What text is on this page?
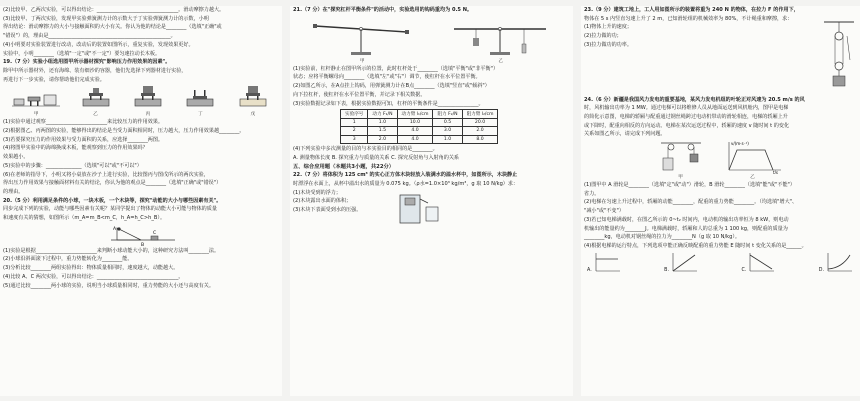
(2)比较甲、乙两次实验，可以得出结论：________________________________。滑动摩擦力越大。
(3)比较甲、丁两次实验，发现甲实验弹簧测力计的示数大于丁实验弹簧测力计的示数，小明
得出结论：滑动摩擦力的大小与接触面积的大小有关。你认为他的结论是________（选填"正确"或
"错误"）的，理由是________________________________________________。
(4)小明要对实验装置进行改动，改动后的装置如图所示，重复实验，发现效果更好。
实验中，小明________（选填"一定"或"不一定"）要匀速拉动长木板。
19.（7 分）实验小组选用图甲所示器材探究"影响压力作用效果的因素"。
除甲中所示器材外，还有海绵、装有细沙的容器，他们先选择下列器材进行实验，
再进行下一步实验，请你帮助他们完成实验。
甲	乙	丙	丁	戊
(1)实验中通过观察________________________来比较压力的作用效果。
(2)根据图乙、丙两图的实验，能够得出的结论是当受力面积相同时，压力越大，压力作用效果越________。
(3)若要探究压力的作用效果与受力面积的关系，应选择________两图。
(4)将图甲实验中的海绵换成木板，能观察到压力的作用效果吗？
效果越小。
(5)实验中的步骤：______________（选填"可以"或"不可以"）
(6)在老师的指导下，小明又将小桌放在沙子上进行实验，比较图丙与图戊所示的两次实验，
得出压力作用效果与接触面材料有关的结论，你认为他的观点是________（选填"正确"或"错误"）
的理由。
20.（5 分）利用满足条件的小球，一块木板，一个木块等，探究"动能的大小与哪些因素有关"。
同步完成下列的实验，动能与哪些因素有关呢？某同学提出了物体的动能大小可能与物体的质量
和速度有关的猜想，如图所示（m_A=m_B<m_C，h_A=h_C>h_B）。
A
B
C
(1)实验是根据________________________来判断小球动能大小的，这种研究方法叫________法。
(2)小球沿斜面滚下过程中，重力势能转化为________能。
(3)分析比较________两组实验得出：物体质量相同时，速度越大，动能越大。
(4)比较 A、C 两次实验，可以得出结论：________________________________。
(5)通过比较________两小球的实验，说明当小球质量相同时，重力势能的大小还与高度有关。
21.（7 分）在"探究杠杆平衡条件"的活动中，实验选用的钩码重均为 0.5 N。
甲	乙
(1)实验前，杠杆静止在图甲所示的位置，此时杠杆处于________（选填"平衡"或"非平衡"）
状态；应将平衡螺母向________（选填"左"或"右"）调节，使杠杆在水平位置平衡。
(2)如图乙所示，在A点挂上钩码，用弹簧测力计在B点________（选填"竖直"或"倾斜"）
向下拉杠杆，使杠杆在水平位置平衡，并记录下相关数据。
(3)实验数据记录如下表，根据实验数据可知，杠杆的平衡条件是________________。
实验序号	动力 F₁/N	动力臂 l₁/cm	阻力 F₂/N	阻力臂 l₂/cm
1	1.0	10.0	0.5	20.0
2	1.5	4.0	3.0	2.0
3	2.0	4.0	1.0	8.0
(4)下列实验中多次测量的目的与本实验目的相同的是________。
A. 测量物体长度 B. 探究重力与质量的关系 C. 探究反射角与入射角的关系
五、综合应用题（本题共3小题，共22分）
22.（7 分）将体积为 125 cm³ 的实心正方体木块轻放入装满水的溢水杯中，如图所示，木块静止
时漂浮在水面上，从杯中溢出水的质量为 0.075 kg。（ρ水=1.0×10³ kg/m³，g 取 10 N/kg）求：
(1)木块受到的浮力；
(2)木块露出水面的体积；
(3)木块下表面受到水的压强。
23.（9 分）建筑工地上，工人用如图所示的装置将重为 240 N 的物体，在拉力 F 的作用下，
物体在 5 s 内竖直匀速上升了 2 m，已知滑轮组的机械效率为 80%，不计绳重和摩擦，求：
(1)物体上升的速度；
(2)拉力做的功；
(3)拉力做功的功率。
24.（6 分）新疆是我国风力发电的重要基地，某风力发电机组的叶轮正对风速为 20.5 m/s 的风
时，风机输出功率为 1 MW。通过电梯可以将维修人员从地面运送到风机舱内，图甲是电梯
的简化示意图，电梯的轿厢与配重通过钢丝绳跨过电动机带动的滑轮相连，电梯的轿厢上升
或下降时，配重向相反的方向运动。电梯在某次运送过程中，轿厢的速度 v 随时间 t 的变化
关系如图乙所示，请完成下列问题。
甲
v/(m·s⁻¹)
t/s
乙
(1)图甲中 A 滑轮是________（选填"定"或"动"）滑轮，B 滑轮________（选填"能"或"不能"）
省力。
(2)电梯在匀速上升过程中，轿厢的动能________，配重的重力势能________。（均选填"增大"、
"减小"或"不变"）
(3)若已知电梯满载时，在图乙所示的 0~t₂ 时间内，电动机的输出功率恒为 8 kW，则电动
机输出的能量约为________J。电梯满载时，轿厢和人的总重为 1 100 kg，则配重的质量为
________kg，电动机对钢丝绳的拉力为________N（g 取 10 N/kg）。
(4)根据电梯的运行特点，下列选项中能正确反映配重的重力势能 E 随时间 t 变化关系的是______。
A.	B.	C.	D.
